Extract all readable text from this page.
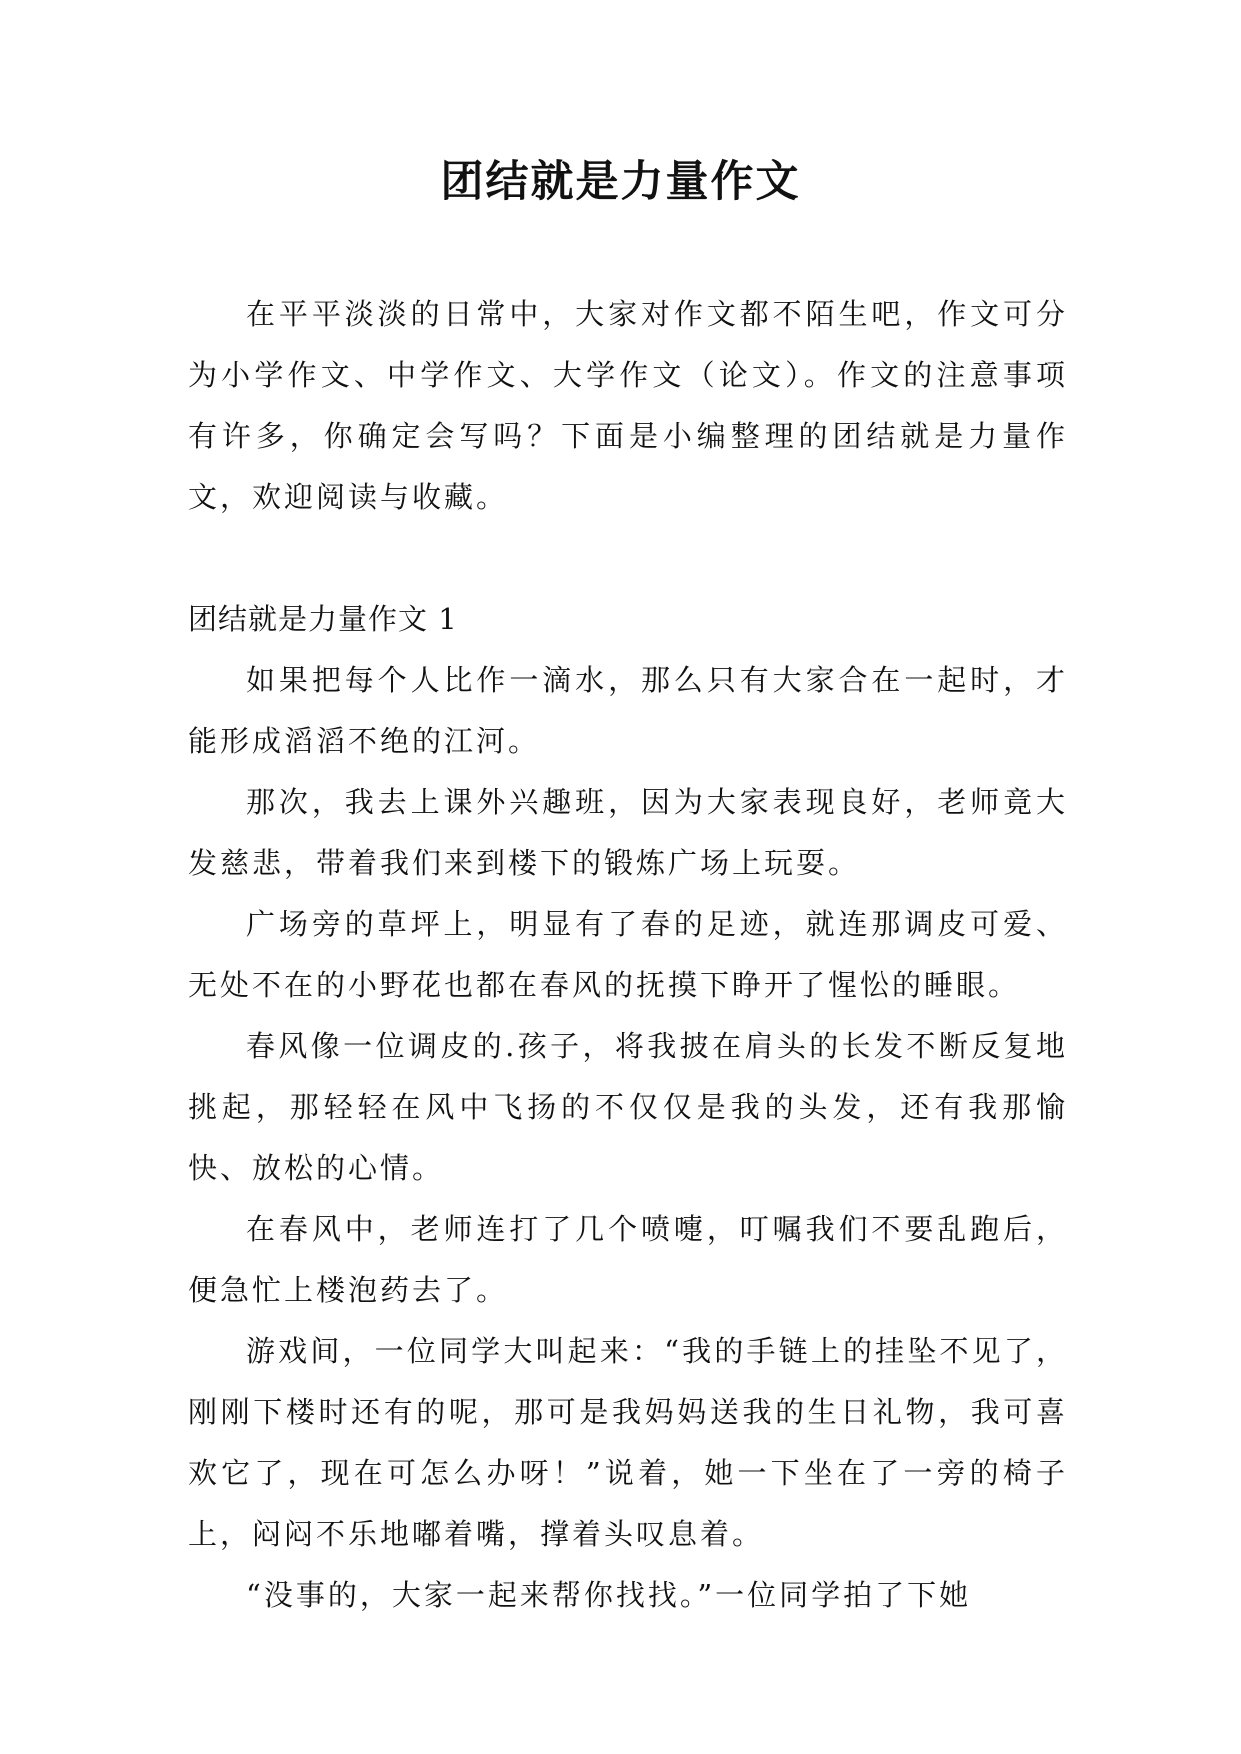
团结就是力量作文

在平平淡淡的日常中，大家对作文都不陌生吧，作文可分为小学作文、中学作文、大学作文（论文）。作文的注意事项有许多，你确定会写吗？下面是小编整理的团结就是力量作文，欢迎阅读与收藏。

团结就是力量作文 1

如果把每个人比作一滴水，那么只有大家合在一起时，才能形成滔滔不绝的江河。

那次，我去上课外兴趣班，因为大家表现良好，老师竟大发慈悲，带着我们来到楼下的锻炼广场上玩耍。

广场旁的草坪上，明显有了春的足迹，就连那调皮可爱、无处不在的小野花也都在春风的抚摸下睁开了惺忪的睡眼。

春风像一位调皮的.孩子，将我披在肩头的长发不断反复地挑起，那轻轻在风中飞扬的不仅仅是我的头发，还有我那愉快、放松的心情。

在春风中，老师连打了几个喷嚏，叮嘱我们不要乱跑后，便急忙上楼泡药去了。

游戏间，一位同学大叫起来：“我的手链上的挂坠不见了，刚刚下楼时还有的呢，那可是我妈妈送我的生日礼物，我可喜欢它了，现在可怎么办呀！”说着，她一下坐在了一旁的椅子上，闷闷不乐地嘟着嘴，撑着头叹息着。

“没事的，大家一起来帮你找找。”一位同学拍了下她
